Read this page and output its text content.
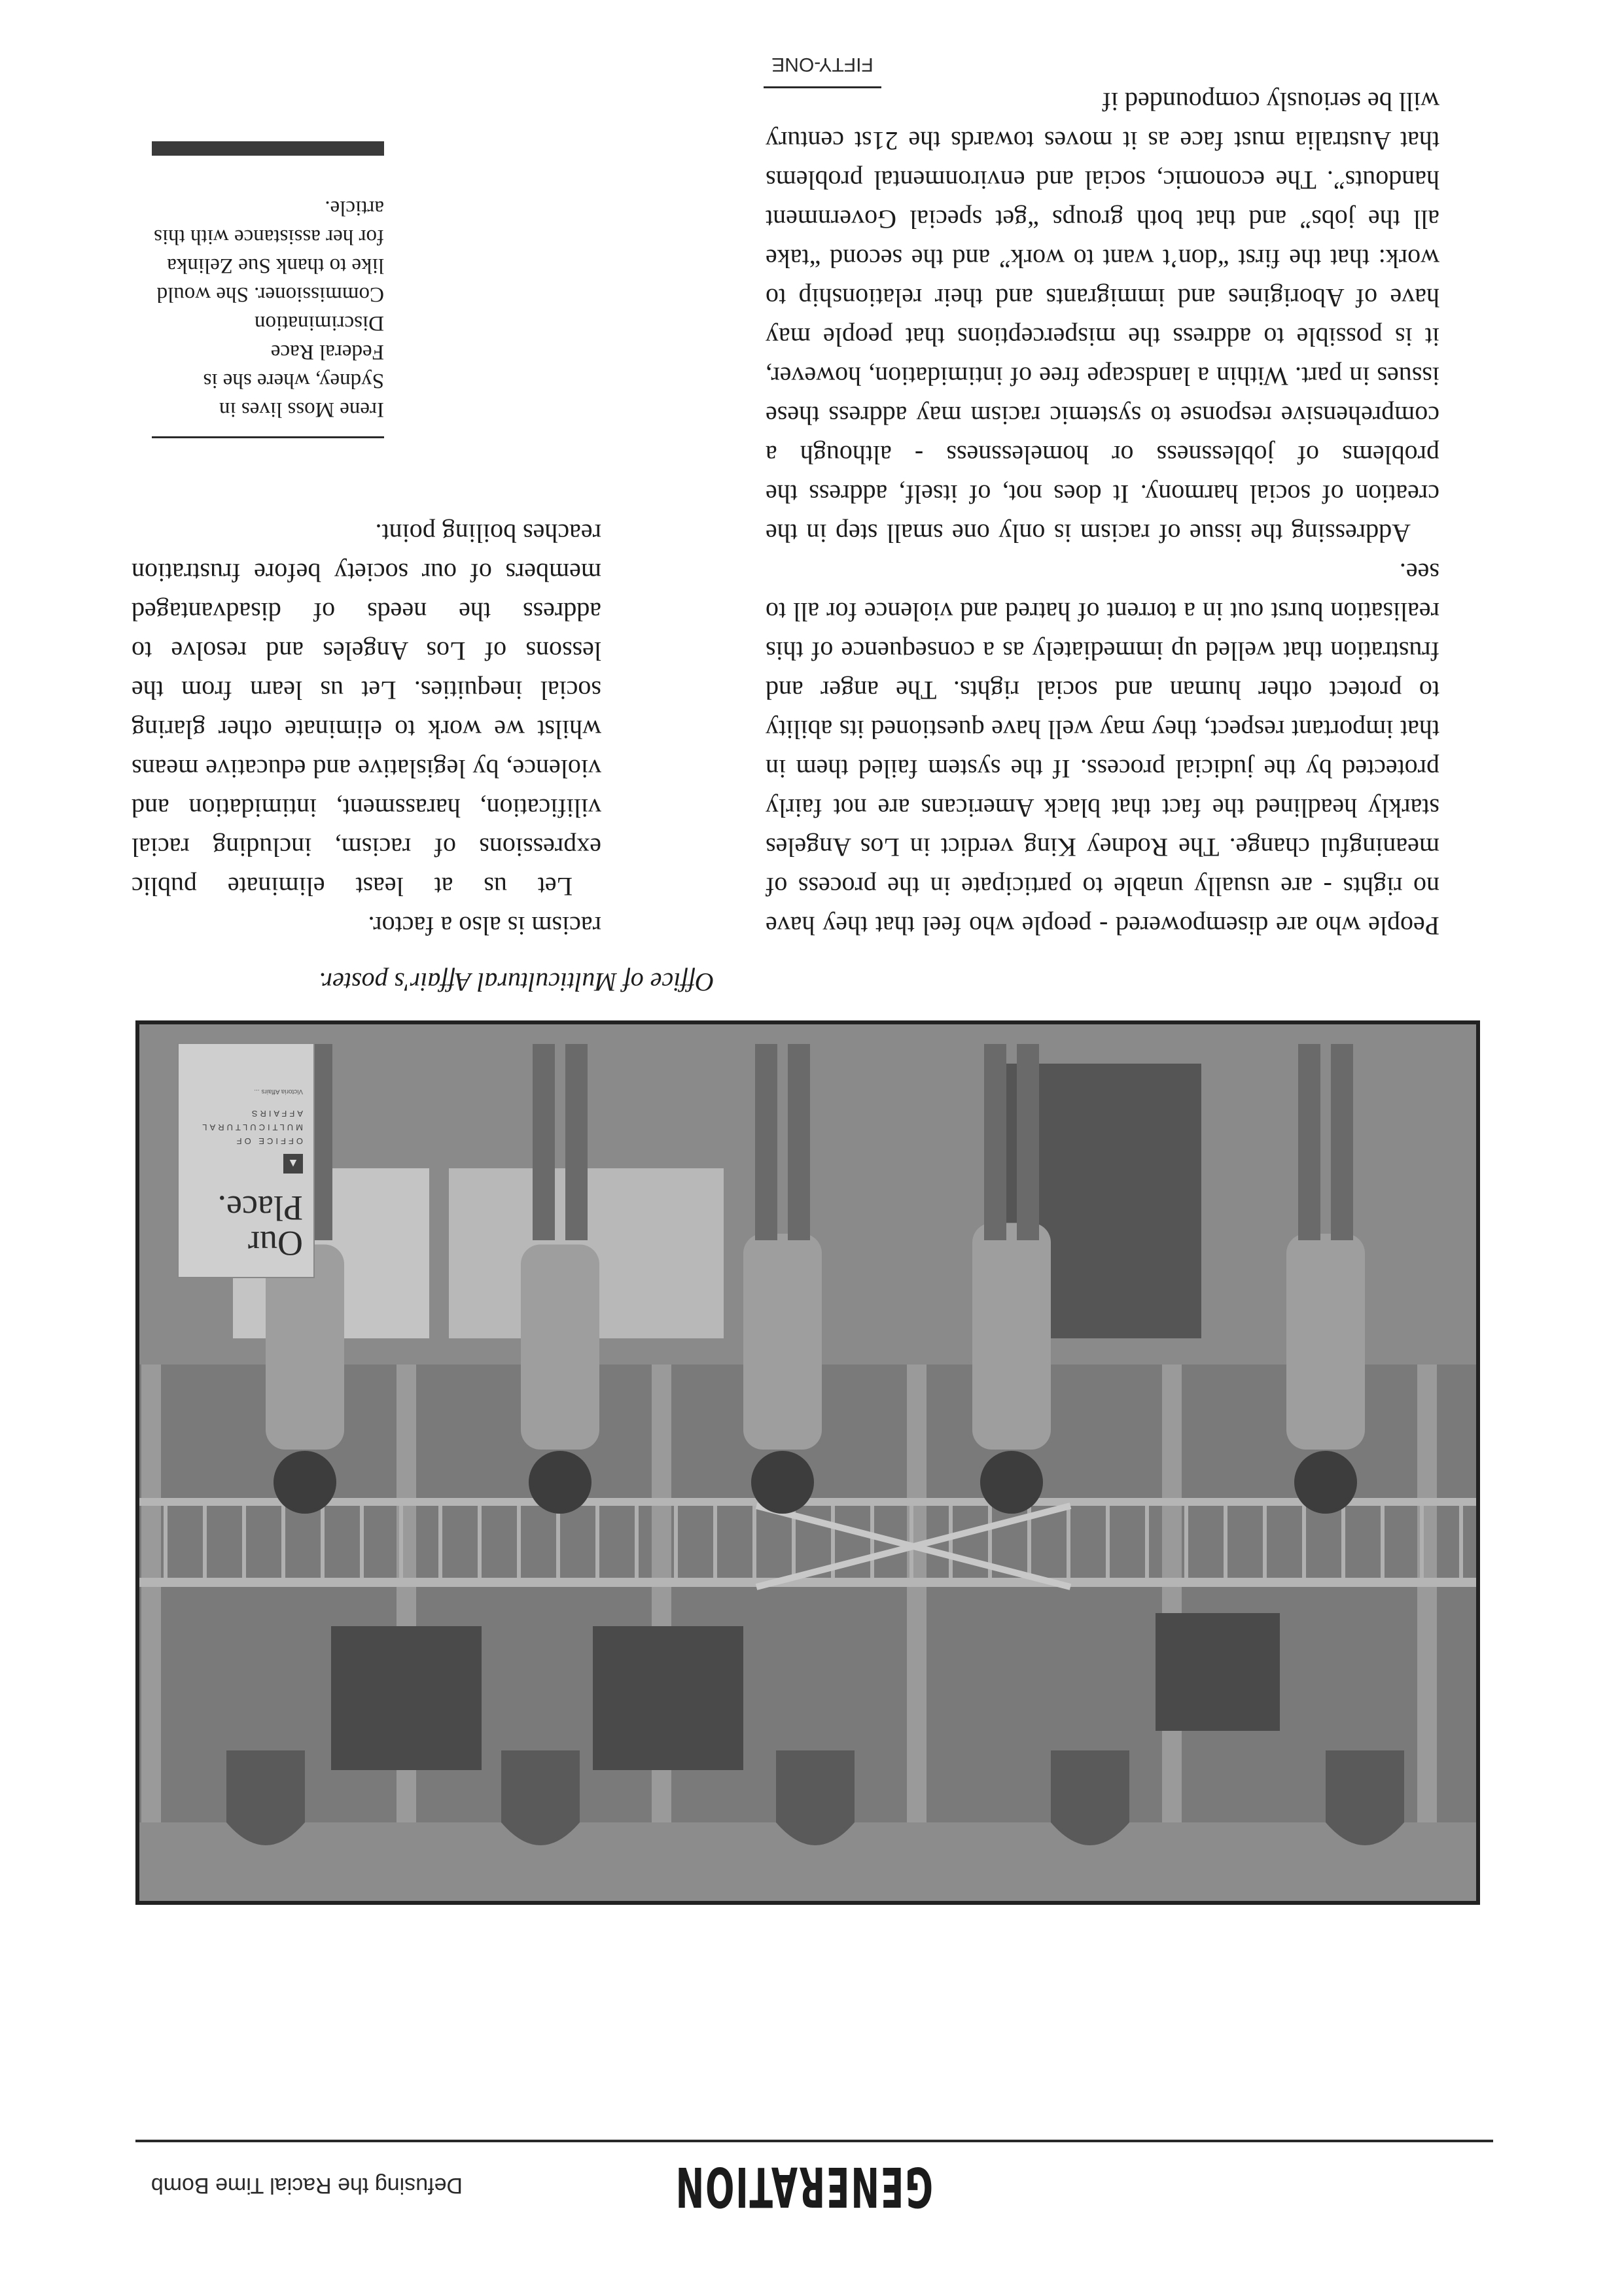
GENERATION
Defusing the Racial Time Bomb

racism is also a factor.

Let us at least eliminate public expressions of racism, including racial vilification, harassment, intimidation and violence, by legislative and educative means whilst we work to eliminate other glaring social inequities. Let us learn from the lessons of Los Angeles and resolve to address the needs of disadvantaged members of our society before frustration reaches boiling point.

People who are disempowered - people who feel that they have no rights - are usually unable to participate in the process of meaningful change. The Rodney King verdict in Los Angeles starkly headlined the fact that black Americans are not fairly protected by the judicial process. If the system failed them in that important respect, they may well have questioned its ability to protect other human and social rights. The anger and frustration that welled up immediately as a consequence of this realisation burst out in a torrent of hatred and violence for all to see.

Addressing the issue of racism is only one small step in the creation of social harmony. It does not, of itself, address the problems of joblessness or homelessness - although a comprehensive response to systemic racism may address these issues in part. Within a landscape free of intimidation, however, it is possible to address the misperceptions that people may have of Aborigines and immigrants and their relationship to work: that the first “don’t want to work” and the second “take all the jobs” and that both groups “get special Government handouts”. The economic, social and environmental problems that Australia must face as it moves towards the 21st century will be seriously compounded if

Our Place.
▲
OFFICE OF MULTICULTURAL AFFAIRS
Victoria Affairs ...

Irene Moss lives in Sydney, where she is Federal Race Discrimination Commissioner. She would like to thank Sue Zelinka for her assistance with this article.

FIFTY-ONE
Office of Multicultural Affair's poster.
